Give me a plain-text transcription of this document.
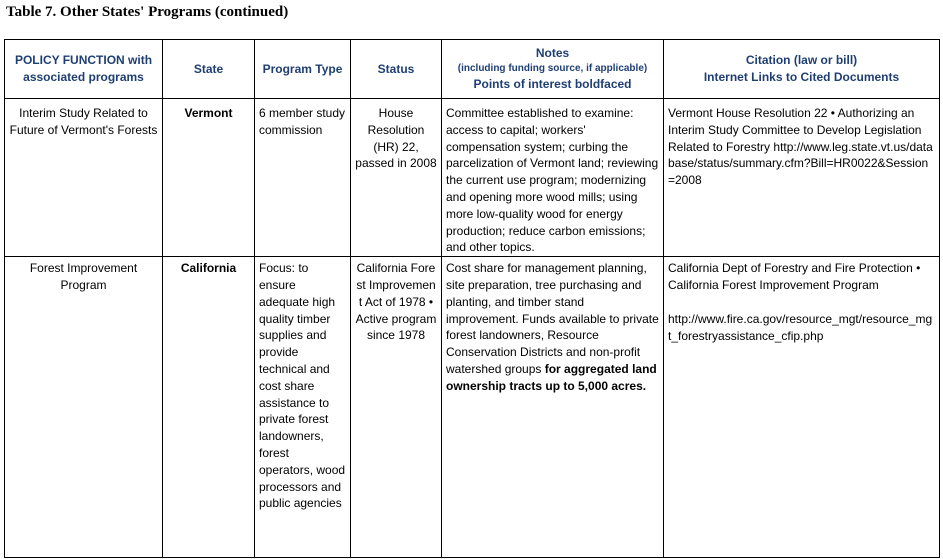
Table 7. Other States' Programs (continued)
POLICY FUNCTION with associated programs	State	Program Type	Status	Notes
(including funding source, if applicable)
Points of interest boldfaced	Citation (law or bill)
Internet Links to Cited Documents

Interim Study Related to Future of Vermont's Forests	Vermont	6 member study commission	House Resolution (HR) 22, passed in 2008	Committee established to examine: access to capital; workers' compensation system; curbing the parcelization of Vermont land; reviewing the current use program; modernizing and opening more wood mills; using more low-quality wood for energy production; reduce carbon emissions; and other topics.	Vermont House Resolution 22 • Authorizing an Interim Study Committee to Develop Legislation Related to Forestry http://www.leg.state.vt.us/database/status/summary.cfm?Bill=HR0022&Session=2008
Forest Improvement Program	California	Focus: to ensure adequate high quality timber supplies and provide technical and cost share assistance to private forest landowners, forest operators, wood processors and public agencies	California Forest Improvement Act of 1978 • Active program since 1978	Cost share for management planning, site preparation, tree purchasing and planting, and timber stand improvement. Funds available to private forest landowners, Resource Conservation Districts and non-profit watershed groups for aggregated land ownership tracts up to 5,000 acres.	California Dept of Forestry and Fire Protection • California Forest Improvement Program
http://www.fire.ca.gov/resource_mgt/resource_mgt_forestryassistance_cfip.php
